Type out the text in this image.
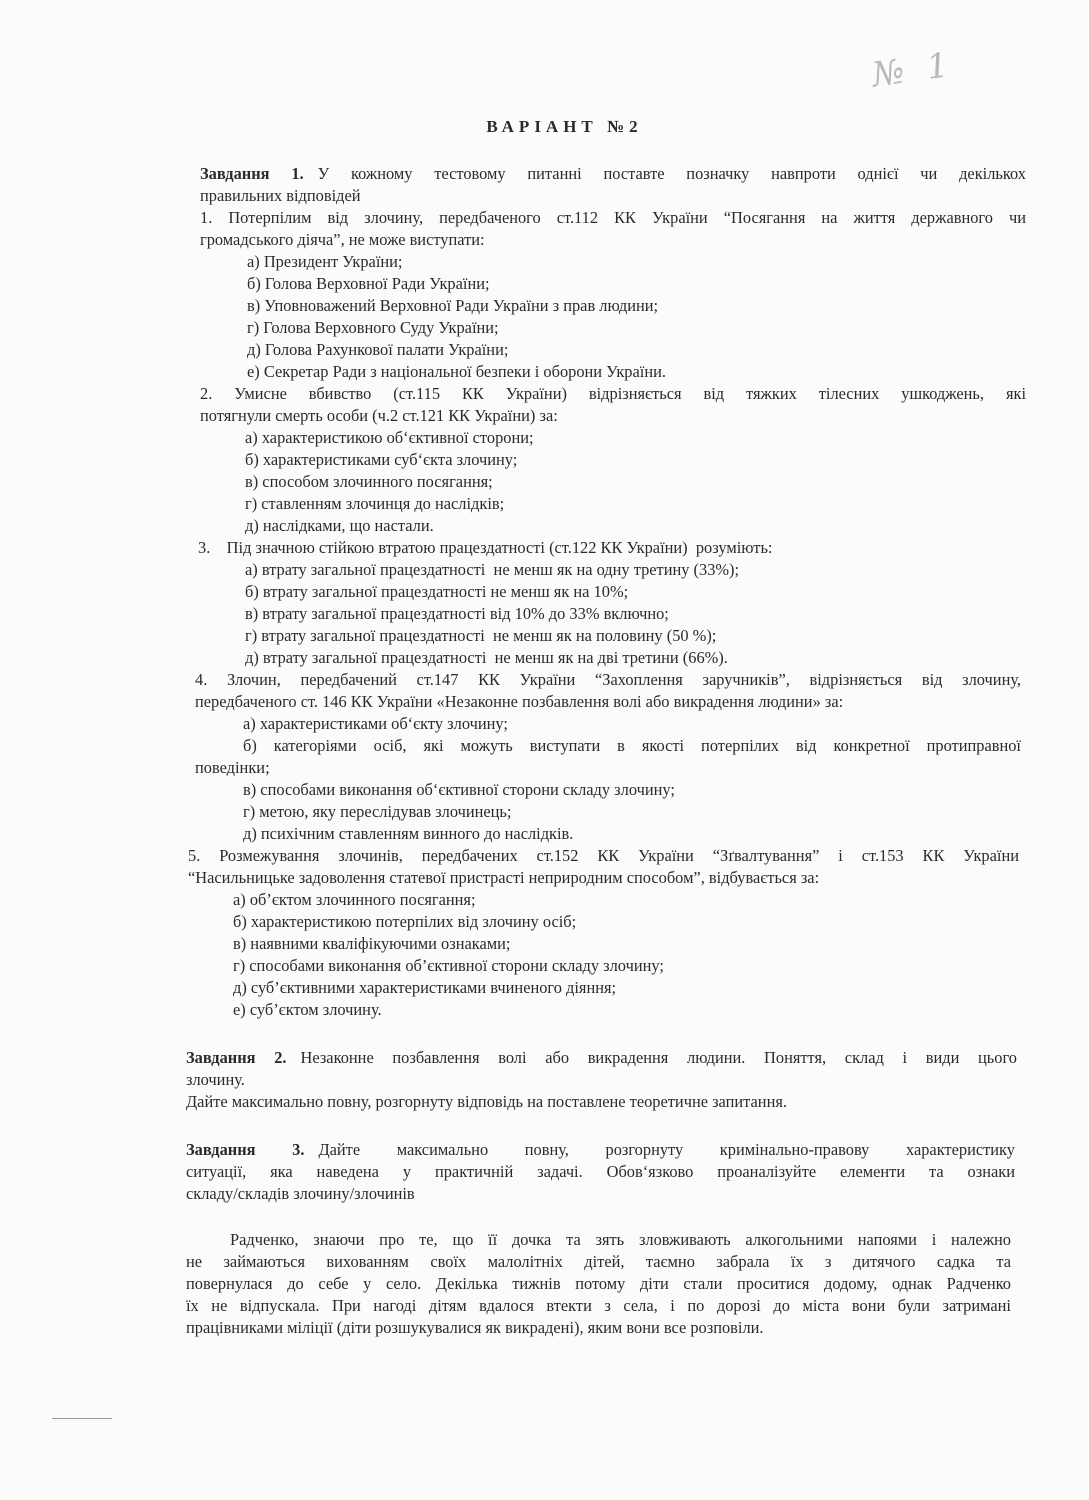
№ 1
ВАРІАНТ №2
Завдання 1. У кожному тестовому питанні поставте позначку навпроти однієї чи декількох
правильних відповідей
1. Потерпілим від злочину, передбаченого ст.112 КК України “Посягання на життя державного чи
громадського діяча”, не може виступати:
а) Президент України;
б) Голова Верховної Ради України;
в) Уповноважений Верховної Ради України з прав людини;
г) Голова Верховного Суду України;
д) Голова Рахункової палати України;
е) Секретар Ради з національної безпеки і оборони України.
2. Умисне вбивство (ст.115 КК України) відрізняється від тяжких тілесних ушкоджень, які
потягнули смерть особи (ч.2 ст.121 КК України) за:
а) характеристикою об‘єктивної сторони;
б) характеристиками суб‘єкта злочину;
в) способом злочинного посягання;
г) ставленням злочинця до наслідків;
д) наслідками, що настали.
3.    Під значною стійкою втратою працездатності (ст.122 КК України)  розуміють:
а) втрату загальної працездатності  не менш як на одну третину (33%);
б) втрату загальної працездатності не менш як на 10%;
в) втрату загальної працездатності від 10% до 33% включно;
г) втрату загальної працездатності  не менш як на половину (50 %);
д) втрату загальної працездатності  не менш як на дві третини (66%).
4. Злочин, передбачений ст.147 КК України “Захоплення заручників”, відрізняється від злочину,
передбаченого ст. 146 КК України «Незаконне позбавлення волі або викрадення людини» за:
а) характеристиками об‘єкту злочину;
б) категоріями осіб, які можуть виступати в якості потерпілих від конкретної протиправної
поведінки;
в) способами виконання об‘єктивної сторони складу злочину;
г) метою, яку переслідував злочинець;
д) психічним ставленням винного до наслідків.
5. Розмежування злочинів, передбачених ст.152 КК України “Зґвалтування” і ст.153 КК України
“Насильницьке задоволення статевої пристрасті неприродним способом”, відбувається за:
а) об’єктом злочинного посягання;
б) характеристикою потерпілих від злочину осіб;
в) наявними кваліфікуючими ознаками;
г) способами виконання об’єктивної сторони складу злочину;
д) суб’єктивними характеристиками вчиненого діяння;
е) суб’єктом злочину.
Завдання 2. Незаконне позбавлення волі або викрадення людини. Поняття, склад і види цього
злочину.
Дайте максимально повну, розгорнуту відповідь на поставлене теоретичне запитання.
Завдання 3. Дайте максимально повну, розгорнуту кримінально-правову характеристику
ситуації, яка наведена у практичній задачі. Обов‘язково проаналізуйте елементи та ознаки
складу/складів злочину/злочинів
Радченко, знаючи про те, що її дочка та зять зловживають алкогольними напоями і належно
не займаються вихованням своїх малолітніх дітей, таємно забрала їх з дитячого садка та
повернулася до себе у село. Декілька тижнів потому діти стали проситися додому, однак Радченко
їх не відпускала. При нагоді дітям вдалося втекти з села, і по дорозі до міста вони були затримані
працівниками міліції (діти розшукувалися як викрадені), яким вони все розповіли.
